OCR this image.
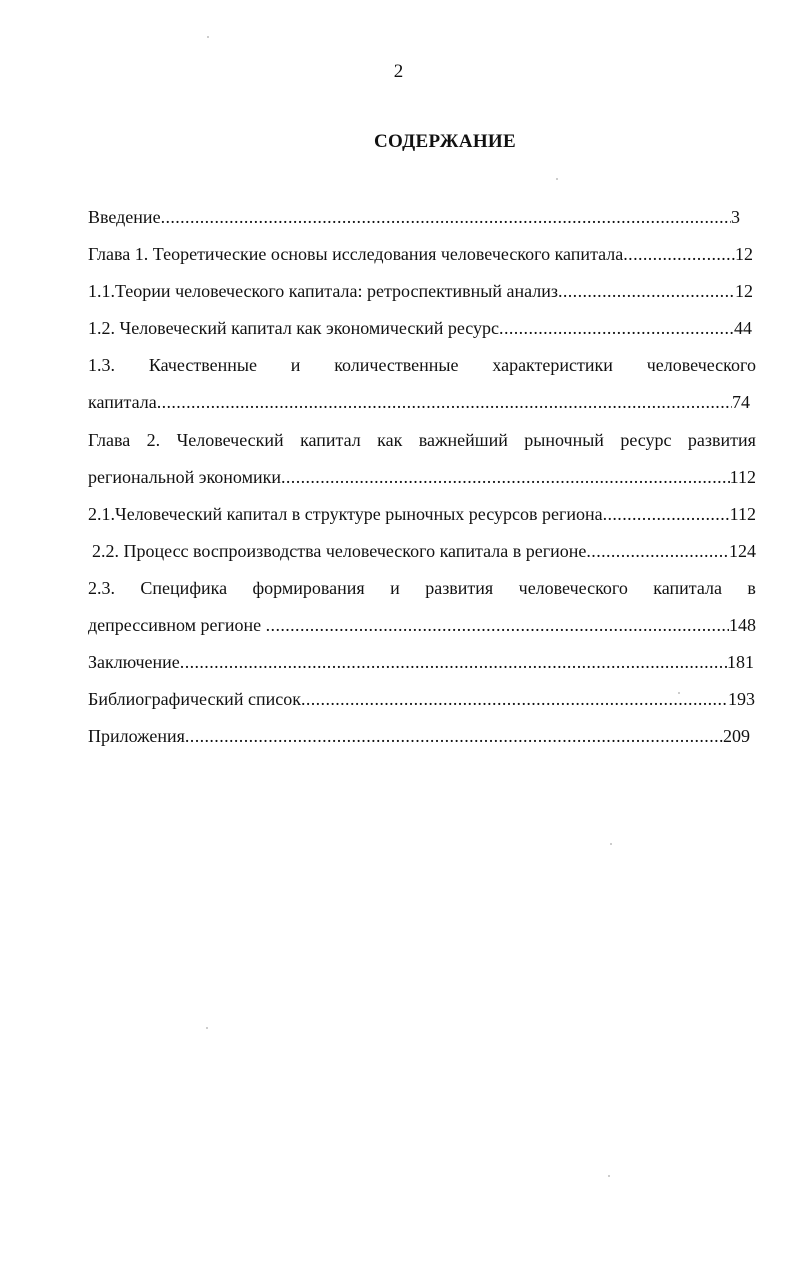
2
СОДЕРЖАНИЕ
Введение .....	3
Глава 1. Теоретические основы исследования человеческого капитала .....	12
1.1.Теории человеческого капитала: ретроспективный анализ .....	12
1.2. Человеческий капитал как экономический ресурс .....	44
1.3. Качественные и количественные характеристики человеческого
капитала .....	74
Глава 2. Человеческий капитал как важнейший рыночный ресурс развития
региональной экономики .....	112
2.1.Человеческий капитал в структуре рыночных ресурсов региона .....	112
2.2. Процесс воспроизводства человеческого капитала в регионе .....	124
2.3. Специфика формирования и развития человеческого капитала в
депрессивном регионе .....	148
Заключение .....	181
Библиографический список .....	193
Приложения .....	209
